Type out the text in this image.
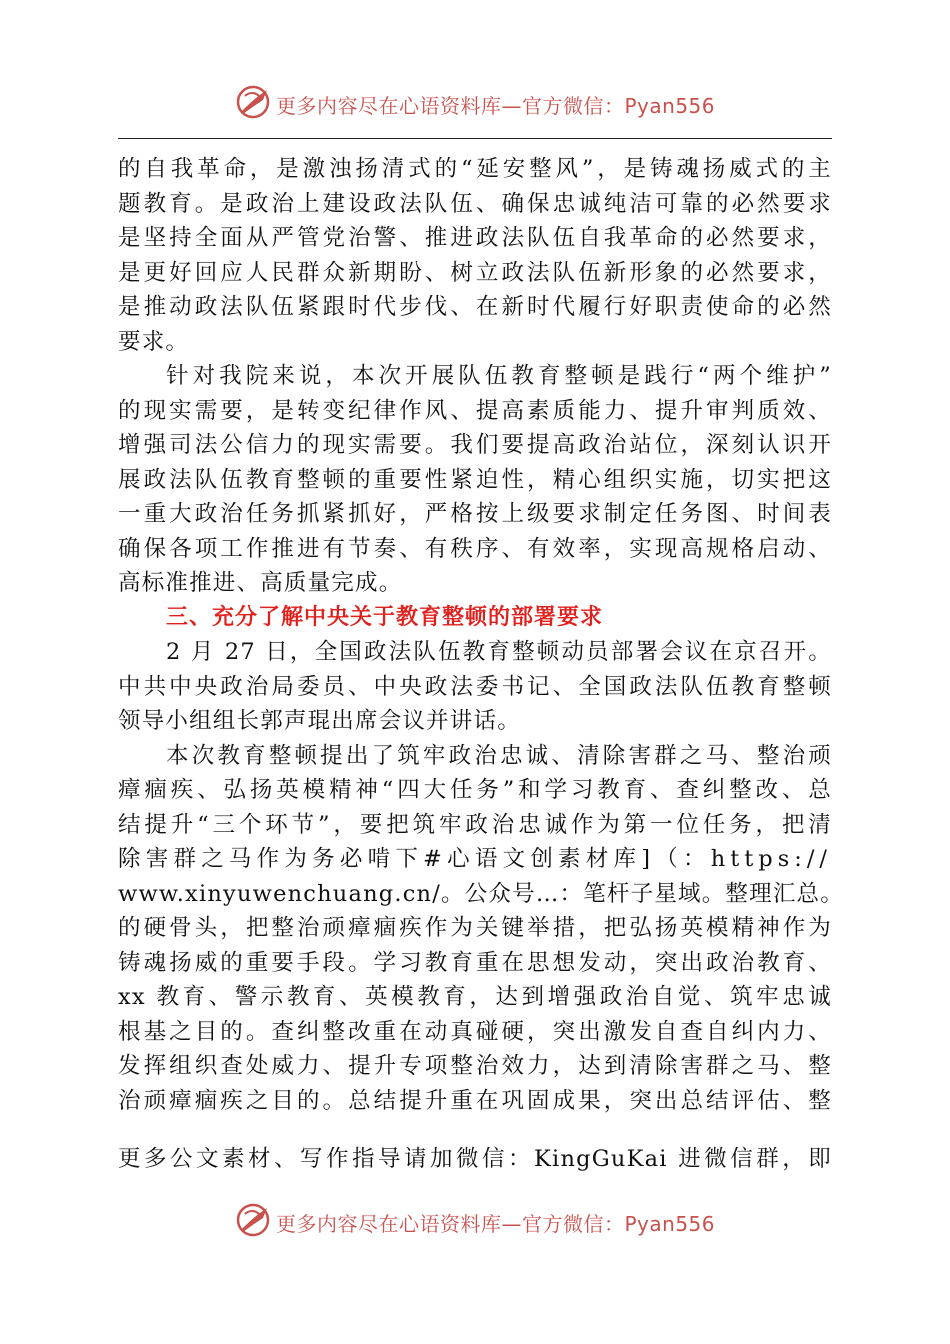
更多内容尽在心语资料库—官方微信：Pyan556
的自我革命，是激浊扬清式的“延安整风”，是铸魂扬威式的主
题教育。是政治上建设政法队伍、确保忠诚纯洁可靠的必然要求
是坚持全面从严管党治警、推进政法队伍自我革命的必然要求，
是更好回应人民群众新期盼、树立政法队伍新形象的必然要求，
是推动政法队伍紧跟时代步伐、在新时代履行好职责使命的必然
要求。
针对我院来说，本次开展队伍教育整顿是践行“两个维护”
的现实需要，是转变纪律作风、提高素质能力、提升审判质效、
增强司法公信力的现实需要。我们要提高政治站位，深刻认识开
展政法队伍教育整顿的重要性紧迫性，精心组织实施，切实把这
一重大政治任务抓紧抓好，严格按上级要求制定任务图、时间表
确保各项工作推进有节奏、有秩序、有效率，实现高规格启动、
高标准推进、高质量完成。
三、充分了解中央关于教育整顿的部署要求
2 月 27 日，全国政法队伍教育整顿动员部署会议在京召开。
中共中央政治局委员、中央政法委书记、全国政法队伍教育整顿
领导小组组长郭声琨出席会议并讲话。
本次教育整顿提出了筑牢政治忠诚、清除害群之马、整治顽
瘴痼疾、弘扬英模精神“四大任务”和学习教育、查纠整改、总
结提升“三个环节”，要把筑牢政治忠诚作为第一位任务，把清
除害群之马作为务必啃下#心语文创素材库]（：https://
www.xinyuwenchuang.cn/。公众号…：笔杆子星域。整理汇总。
的硬骨头，把整治顽瘴痼疾作为关键举措，把弘扬英模精神作为
铸魂扬威的重要手段。学习教育重在思想发动，突出政治教育、
xx 教育、警示教育、英模教育，达到增强政治自觉、筑牢忠诚
根基之目的。查纠整改重在动真碰硬，突出激发自查自纠内力、
发挥组织查处威力、提升专项整治效力，达到清除害群之马、整
治顽瘴痼疾之目的。总结提升重在巩固成果，突出总结评估、整
更多公文素材、写作指导请加微信：KingGuKai 进微信群，即
更多内容尽在心语资料库—官方微信：Pyan556
